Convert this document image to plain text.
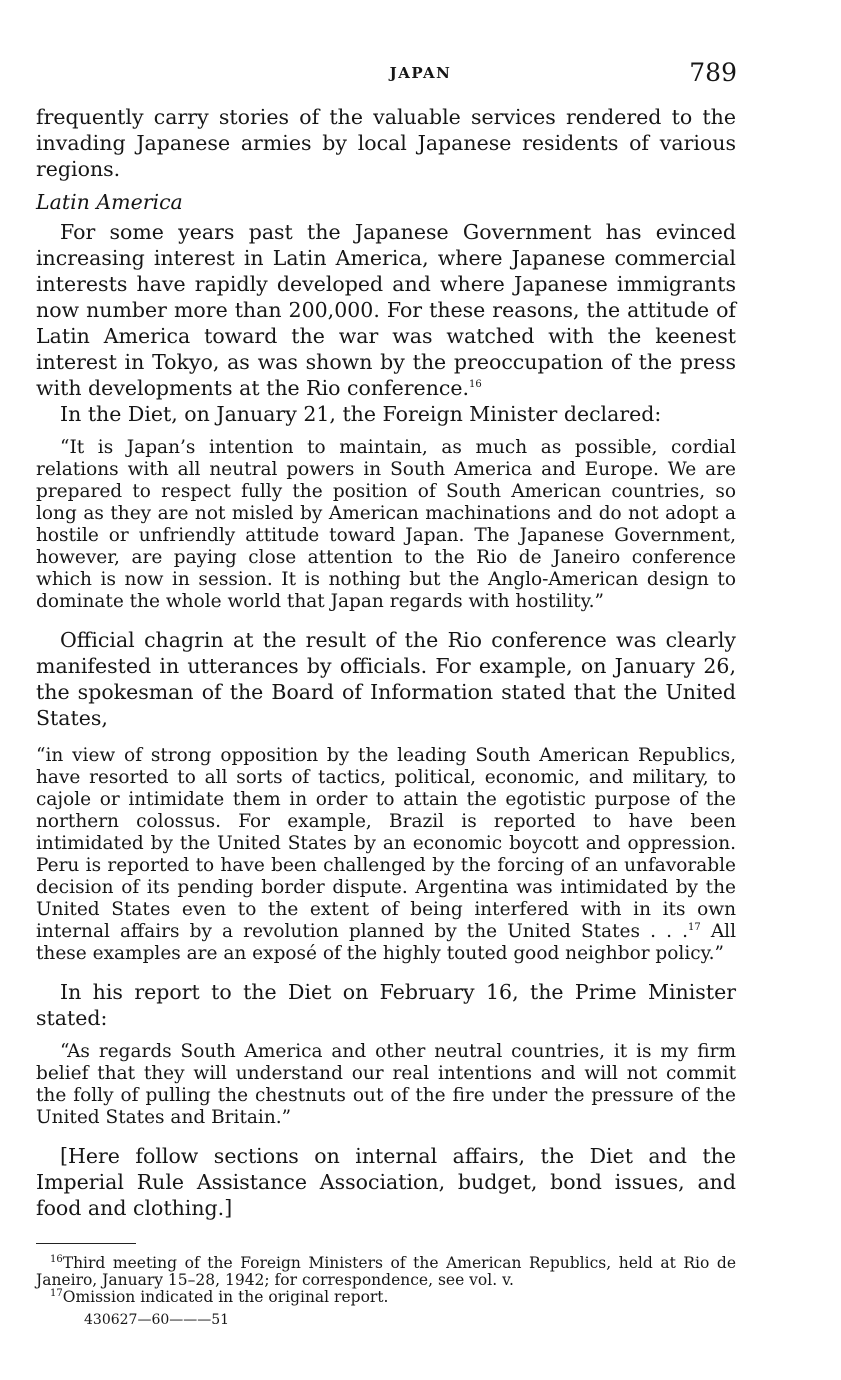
JAPAN	789

frequently carry stories of the valuable services rendered to the invading Japanese armies by local Japanese residents of various regions.

Latin America

For some years past the Japanese Government has evinced increasing interest in Latin America, where Japanese commercial interests have rapidly developed and where Japanese immigrants now number more than 200,000. For these reasons, the attitude of Latin America toward the war was watched with the keenest interest in Tokyo, as was shown by the preoccupation of the press with developments at the Rio conference.$^{16}$

In the Diet, on January 21, the Foreign Minister declared:

“It is Japan’s intention to maintain, as much as possible, cordial relations with all neutral powers in South America and Europe. We are prepared to respect fully the position of South American countries, so long as they are not misled by American machinations and do not adopt a hostile or unfriendly attitude toward Japan. The Japanese Government, however, are paying close attention to the Rio de Janeiro conference which is now in session. It is nothing but the Anglo-American design to dominate the whole world that Japan regards with hostility.”

Official chagrin at the result of the Rio conference was clearly manifested in utterances by officials. For example, on January 26, the spokesman of the Board of Information stated that the United States,

“in view of strong opposition by the leading South American Republics, have resorted to all sorts of tactics, political, economic, and military, to cajole or intimidate them in order to attain the egotistic purpose of the northern colossus. For example, Brazil is reported to have been intimidated by the United States by an economic boycott and oppression. Peru is reported to have been challenged by the forcing of an unfavorable decision of its pending border dispute. Argentina was intimidated by the United States even to the extent of being interfered with in its own internal affairs by a revolution planned by the United States . . .$^{17}$ All these examples are an exposé of the highly touted good neighbor policy.”

In his report to the Diet on February 16, the Prime Minister stated:

“As regards South America and other neutral countries, it is my firm belief that they will understand our real intentions and will not commit the folly of pulling the chestnuts out of the fire under the pressure of the United States and Britain.”

[Here follow sections on internal affairs, the Diet and the Imperial Rule Assistance Association, budget, bond issues, and food and clothing.]

$^{16}$Third meeting of the Foreign Ministers of the American Republics, held at Rio de Janeiro, January 15–28, 1942; for correspondence, see vol. v.

$^{17}$Omission indicated in the original report.

430627—60———51
